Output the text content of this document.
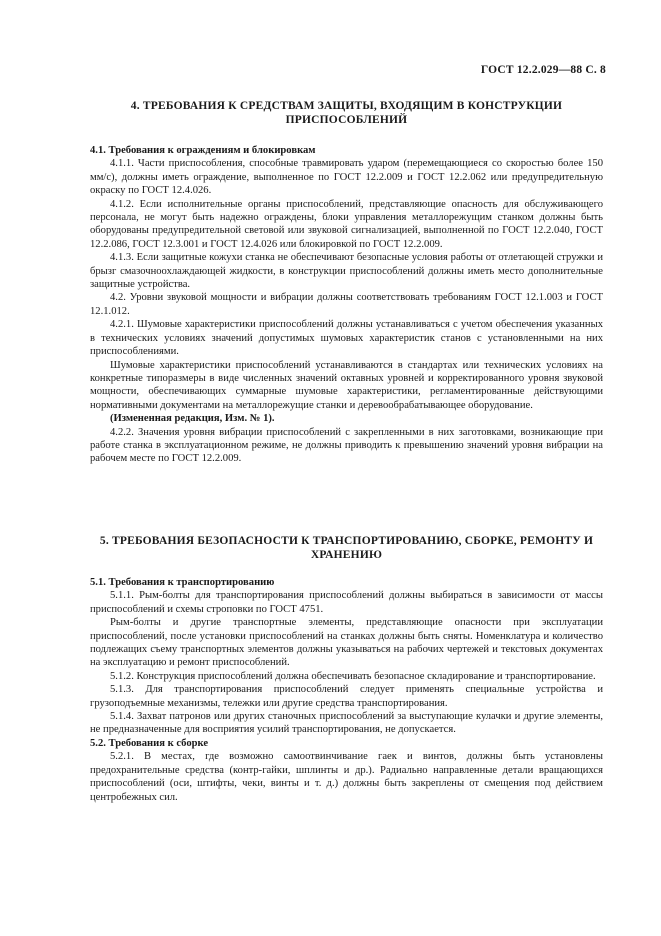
ГОСТ 12.2.029—88 С. 8
4. ТРЕБОВАНИЯ К СРЕДСТВАМ ЗАЩИТЫ, ВХОДЯЩИМ В КОНСТРУКЦИИ ПРИСПОСОБЛЕНИЙ

4.1. Требования к ограждениям и блокировкам

4.1.1. Части приспособления, способные травмировать ударом (перемещающиеся со скоростью более 150 мм/с), должны иметь ограждение, выполненное по ГОСТ 12.2.009 и ГОСТ 12.2.062 или предупредительную окраску по ГОСТ 12.4.026.

4.1.2. Если исполнительные органы приспособлений, представляющие опасность для обслуживающего персонала, не могут быть надежно ограждены, блоки управления металлорежущим станком должны быть оборудованы предупредительной световой или звуковой сигнализацией, выполненной по ГОСТ 12.2.040, ГОСТ 12.2.086, ГОСТ 12.3.001 и ГОСТ 12.4.026 или блокировкой по ГОСТ 12.2.009.

4.1.3. Если защитные кожухи станка не обеспечивают безопасные условия работы от отлетающей стружки и брызг смазочноохлаждающей жидкости, в конструкции приспособлений должны иметь место дополнительные защитные устройства.

4.2. Уровни звуковой мощности и вибрации должны соответствовать требованиям ГОСТ 12.1.003 и ГОСТ 12.1.012.

4.2.1. Шумовые характеристики приспособлений должны устанавливаться с учетом обеспечения указанных в технических условиях значений допустимых шумовых характеристик станов с установленными на них приспособлениями.

Шумовые характеристики приспособлений устанавливаются в стандартах или технических условиях на конкретные типоразмеры в виде численных значений октавных уровней и корректированного уровня звуковой мощности, обеспечивающих суммарные шумовые характеристики, регламентированные действующими нормативными документами на металлорежущие станки и деревообрабатывающее оборудование.

(Измененная редакция, Изм. № 1).

4.2.2. Значения уровня вибрации приспособлений с закрепленными в них заготовками, возникающие при работе станка в эксплуатационном режиме, не должны приводить к превышению значений уровня вибрации на рабочем месте по ГОСТ 12.2.009.

5. ТРЕБОВАНИЯ БЕЗОПАСНОСТИ К ТРАНСПОРТИРОВАНИЮ, СБОРКЕ, РЕМОНТУ И ХРАНЕНИЮ

5.1. Требования к транспортированию

5.1.1. Рым-болты для транспортирования приспособлений должны выбираться в зависимости от массы приспособлений и схемы строповки по ГОСТ 4751.

Рым-болты и другие транспортные элементы, представляющие опасности при эксплуатации приспособлений, после установки приспособлений на станках должны быть сняты. Номенклатура и количество подлежащих съему транспортных элементов должны указываться на рабочих чертежей и текстовых документах на эксплуатацию и ремонт приспособлений.

5.1.2. Конструкция приспособлений должна обеспечивать безопасное складирование и транспортирование.

5.1.3. Для транспортирования приспособлений следует применять специальные устройства и грузоподъемные механизмы, тележки или другие средства транспортирования.

5.1.4. Захват патронов или других станочных приспособлений за выступающие кулачки и другие элементы, не предназначенные для восприятия усилий транспортирования, не допускается.

5.2. Требования к сборке

5.2.1. В местах, где возможно самоотвинчивание гаек и винтов, должны быть установлены предохранительные средства (контр-гайки, шплинты и др.). Радиально направленные детали вращающихся приспособлений (оси, штифты, чеки, винты и т. д.) должны быть закреплены от смещения под действием центробежных сил.
